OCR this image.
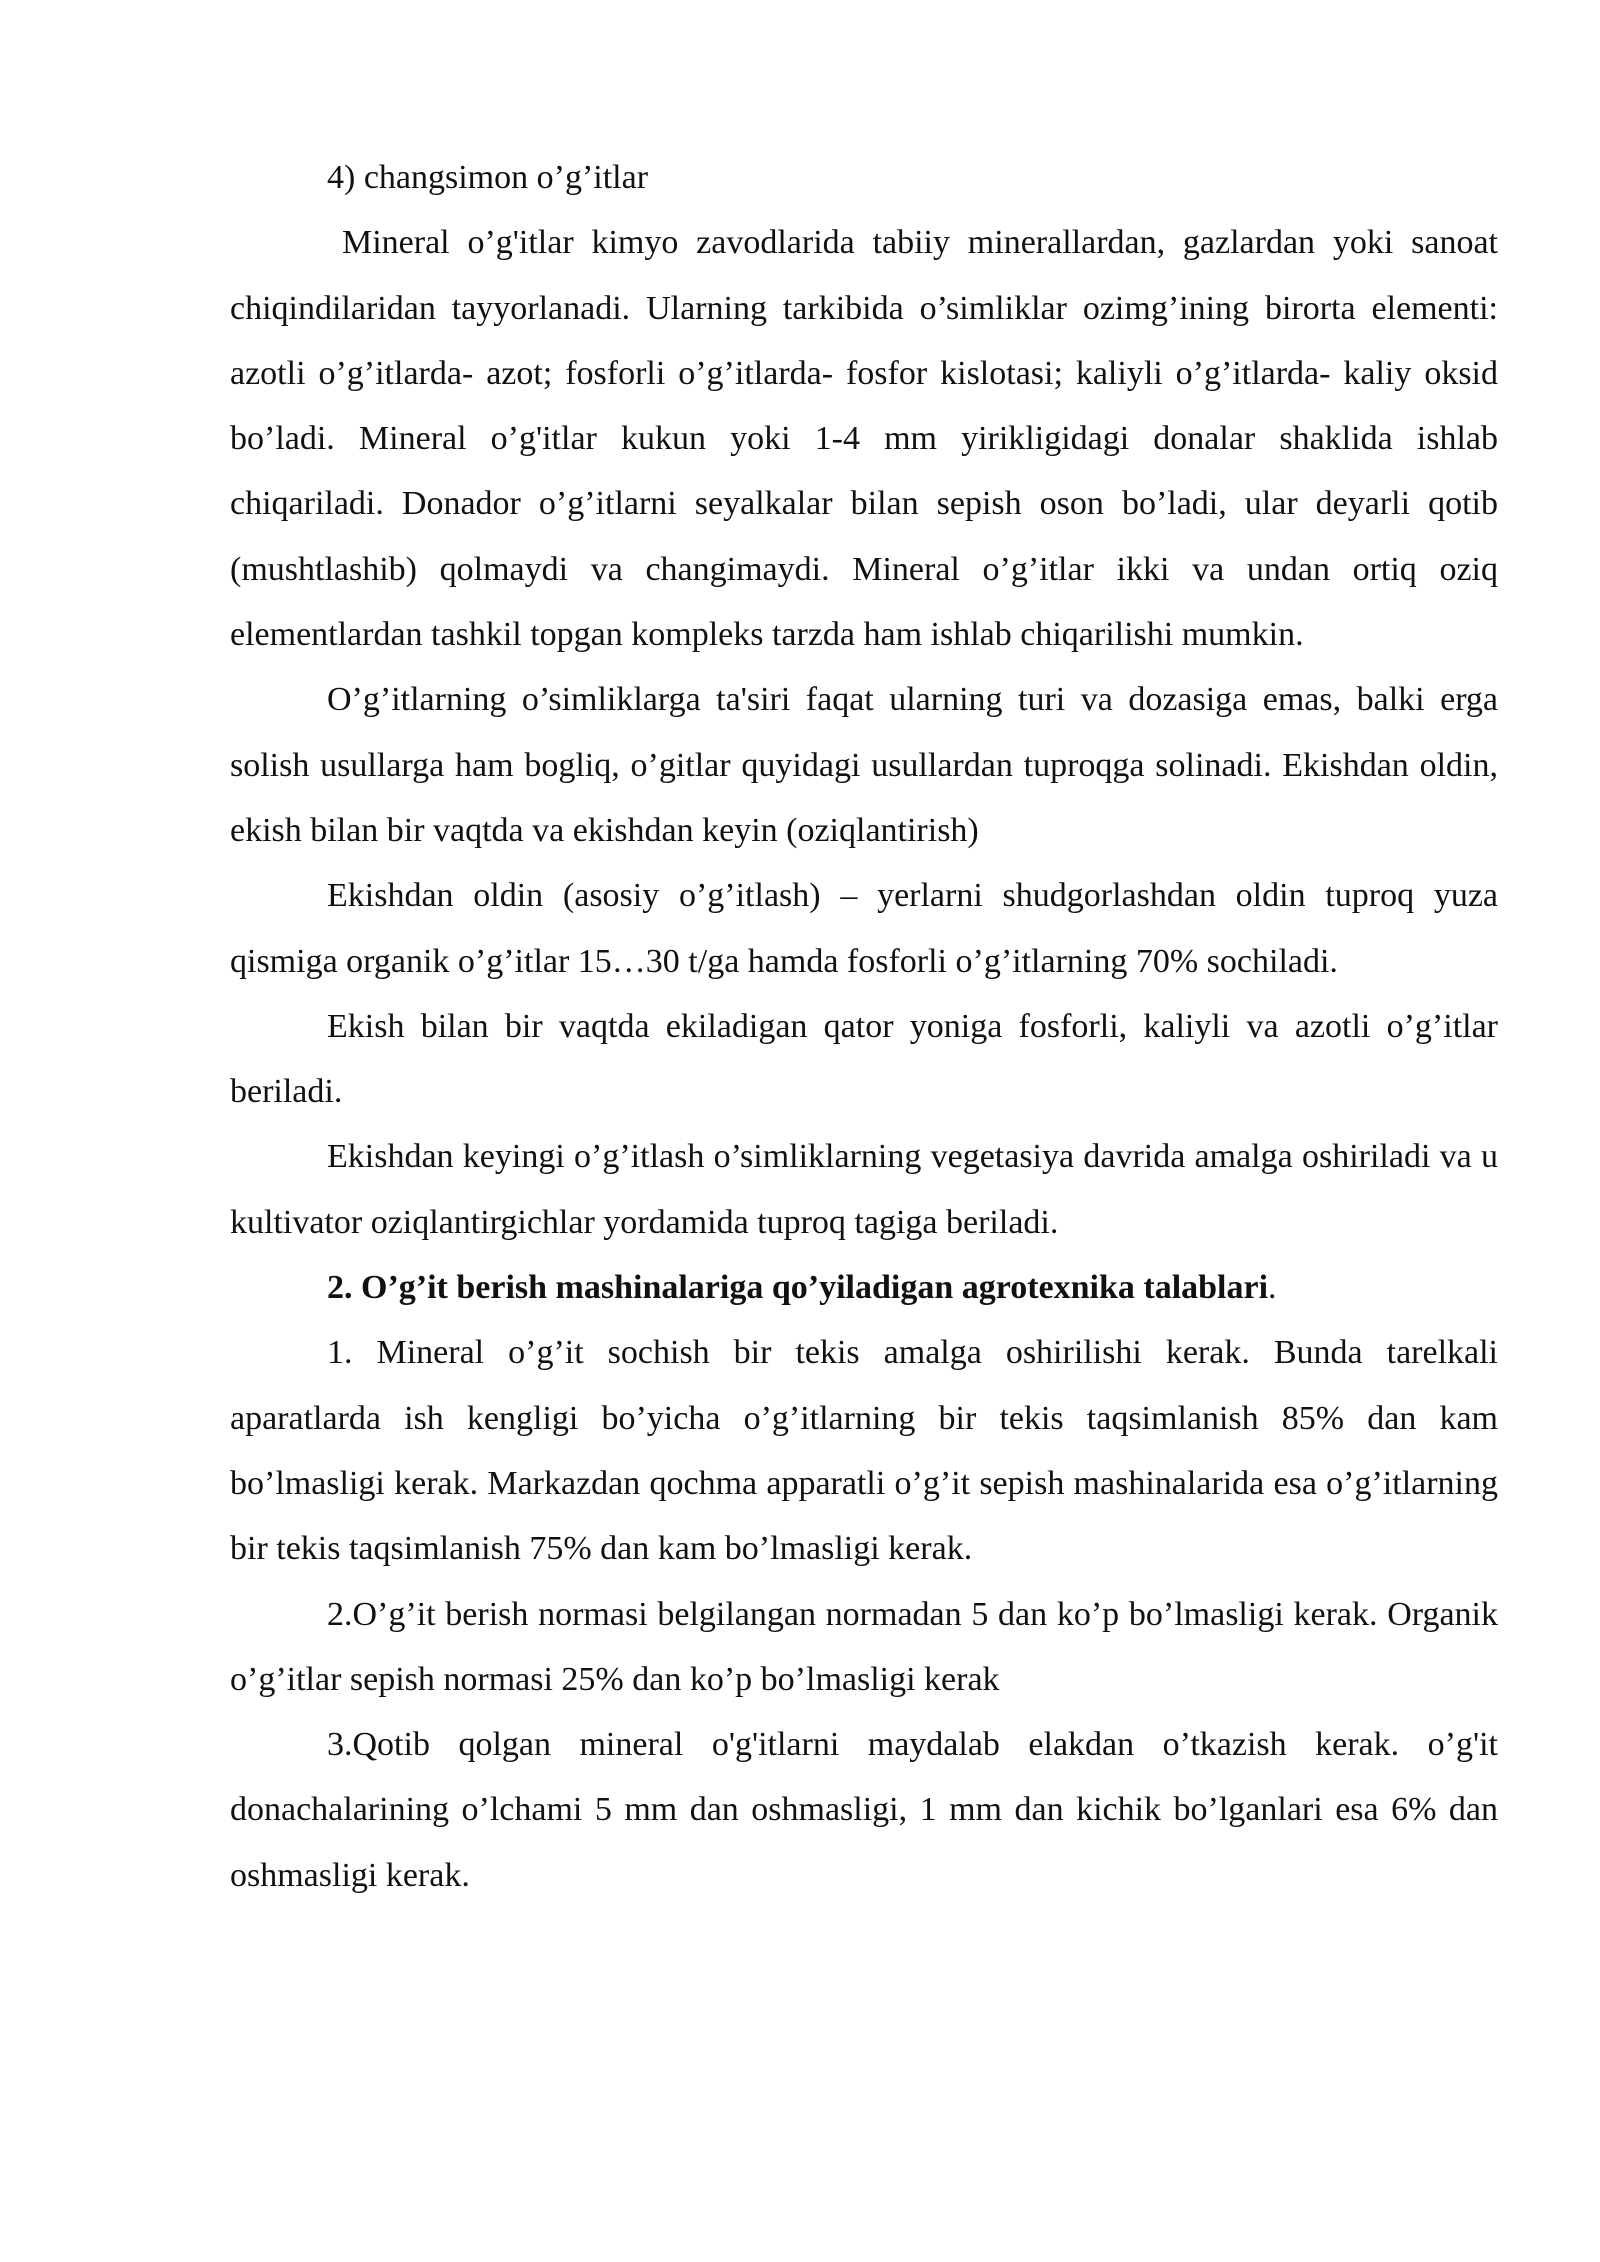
4) changsimon o’g’itlar

Mineral o’g'itlar kimyo zavodlarida tabiiy minerallardan, gazlardan yoki sanoat chiqindilaridan tayyorlanadi. Ularning tarkibida o’simliklar ozimg’ining birorta elementi: azotli o’g’itlarda- azot; fosforli o’g’itlarda- fosfor kislotasi; kaliyli o’g’itlarda- kaliy oksid bo’ladi. Mineral o’g'itlar kukun yoki 1-4 mm yirikligidagi donalar shaklida ishlab chiqariladi. Donador o’g’itlarni seyalkalar bilan sepish oson bo’ladi, ular deyarli qotib (mushtlashib) qolmaydi va changimaydi. Mineral o’g’itlar ikki va undan ortiq oziq elementlardan tashkil topgan kompleks tarzda ham ishlab chiqarilishi mumkin.

O’g’itlarning o’simliklarga ta'siri faqat ularning turi va dozasiga emas, balki erga solish usullarga ham bogliq, o’gitlar quyidagi usullardan tuproqga solinadi. Ekishdan oldin, ekish bilan bir vaqtda va ekishdan keyin (oziqlantirish)

Ekishdan oldin (asosiy o’g’itlash) – yerlarni shudgorlashdan oldin tuproq yuza qismiga organik o’g’itlar 15…30 t/ga hamda fosforli o’g’itlarning 70% sochiladi.

Ekish bilan bir vaqtda ekiladigan qator yoniga fosforli, kaliyli va azotli o’g’itlar beriladi.

Ekishdan keyingi o’g’itlash o’simliklarning vegetasiya davrida amalga oshiriladi va u kultivator oziqlantirgichlar yordamida tuproq tagiga beriladi.

2. O’g’it berish mashinalariga qo’yiladigan agrotexnika talablari.

1. Mineral o’g’it sochish bir tekis amalga oshirilishi kerak. Bunda tarelkali aparatlarda ish kengligi bo’yicha o’g’itlarning bir tekis taqsimlanish 85% dan kam bo’lmasligi kerak. Markazdan qochma apparatli o’g’it sepish mashinalarida esa o’g’itlarning bir tekis taqsimlanish 75% dan kam bo’lmasligi kerak.

2.O’g’it berish normasi belgilangan normadan 5 dan ko’p bo’lmasligi kerak. Organik o’g’itlar sepish normasi 25% dan ko’p bo’lmasligi kerak

3.Qotib qolgan mineral o'g'itlarni maydalab elakdan o’tkazish kerak. o’g'it donachalarining o’lchami 5 mm dan oshmasligi, 1 mm dan kichik bo’lganlari esa 6% dan oshmasligi kerak.
